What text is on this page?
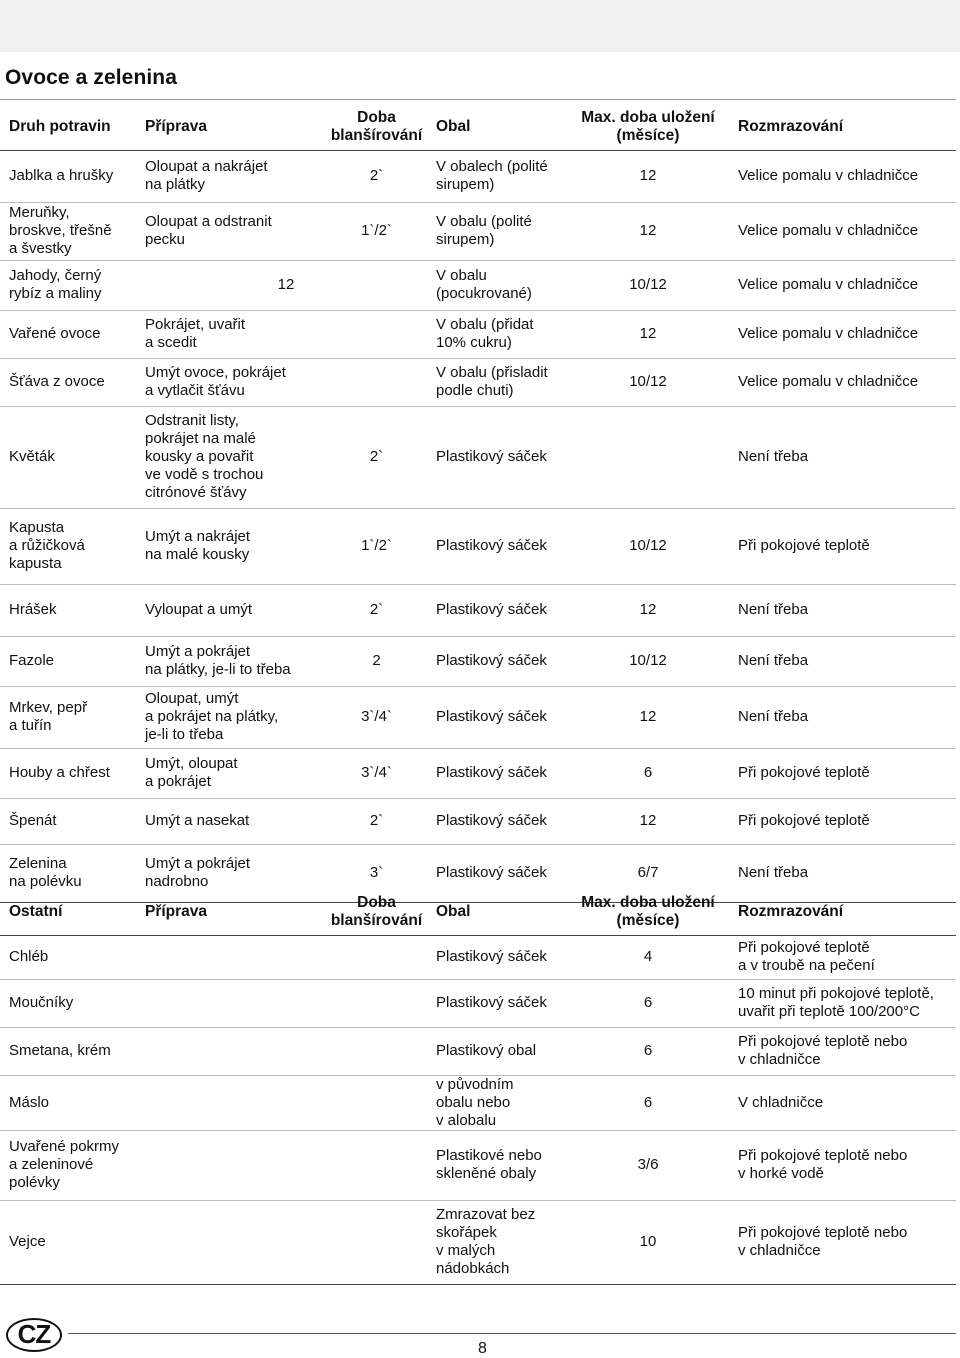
Ovoce a zelenina
Druh potravin	Příprava	Doba
blanšírování	Obal	Max. doba uložení
(měsíce)	Rozmrazování
Jablka a hrušky	Oloupat a nakrájet
na plátky	2`	V obalech (polité
sirupem)	12	Velice pomalu v chladničce
Meruňky,
broskve, třešně
a švestky	Oloupat a odstranit
pecku	1`/2`	V obalu (polité
sirupem)	12	Velice pomalu v chladničce
Jahody, černý
rybíz a maliny	12		V obalu
(pocukrované)	10/12	Velice pomalu v chladničce
Vařené ovoce	Pokrájet, uvařit
a scedit		V obalu (přidat
10% cukru)	12	Velice pomalu v chladničce
Šťáva z ovoce	Umýt ovoce, pokrájet
a vytlačit šťávu		V obalu (přisladit
podle chuti)	10/12	Velice pomalu v chladničce
Květák	Odstranit listy,
pokrájet na malé
kousky a povařit
ve vodě s trochou
citrónové šťávy	2`	Plastikový sáček		Není třeba
Kapusta
a růžičková
kapusta	Umýt a nakrájet
na malé kousky	1`/2`	Plastikový sáček	10/12	Při pokojové teplotě
Hrášek	Vyloupat a umýt	2`	Plastikový sáček	12	Není třeba
Fazole	Umýt a pokrájet
na plátky, je-li to třeba	2	Plastikový sáček	10/12	Není třeba
Mrkev, pepř
a tuřín	Oloupat, umýt
a pokrájet na plátky,
je-li to třeba	3`/4`	Plastikový sáček	12	Není třeba
Houby a chřest	Umýt, oloupat
a pokrájet	3`/4`	Plastikový sáček	6	Při pokojové teplotě
Špenát	Umýt a nasekat	2`	Plastikový sáček	12	Při pokojové teplotě
Zelenina
na polévku	Umýt a pokrájet
nadrobno	3`	Plastikový sáček	6/7	Není třeba
Ostatní	Příprava	Doba
blanšírování	Obal	Max. doba uložení
(měsíce)	Rozmrazování
Chléb			Plastikový sáček	4	Při pokojové teplotě
a v troubě na pečení
Moučníky			Plastikový sáček	6	10 minut při pokojové teplotě,
uvařit při teplotě 100/200°C
Smetana, krém			Plastikový obal	6	Při pokojové teplotě nebo
v chladničce
Máslo			v původním
obalu nebo
v alobalu	6	V chladničce
Uvařené pokrmy
a zeleninové
polévky			Plastikové nebo
skleněné obaly	3/6	Při pokojové teplotě nebo
v horké vodě
Vejce			Zmrazovat bez
skořápek
v malých
nádobkách	10	Při pokojové teplotě nebo
v chladničce
CZ	8
